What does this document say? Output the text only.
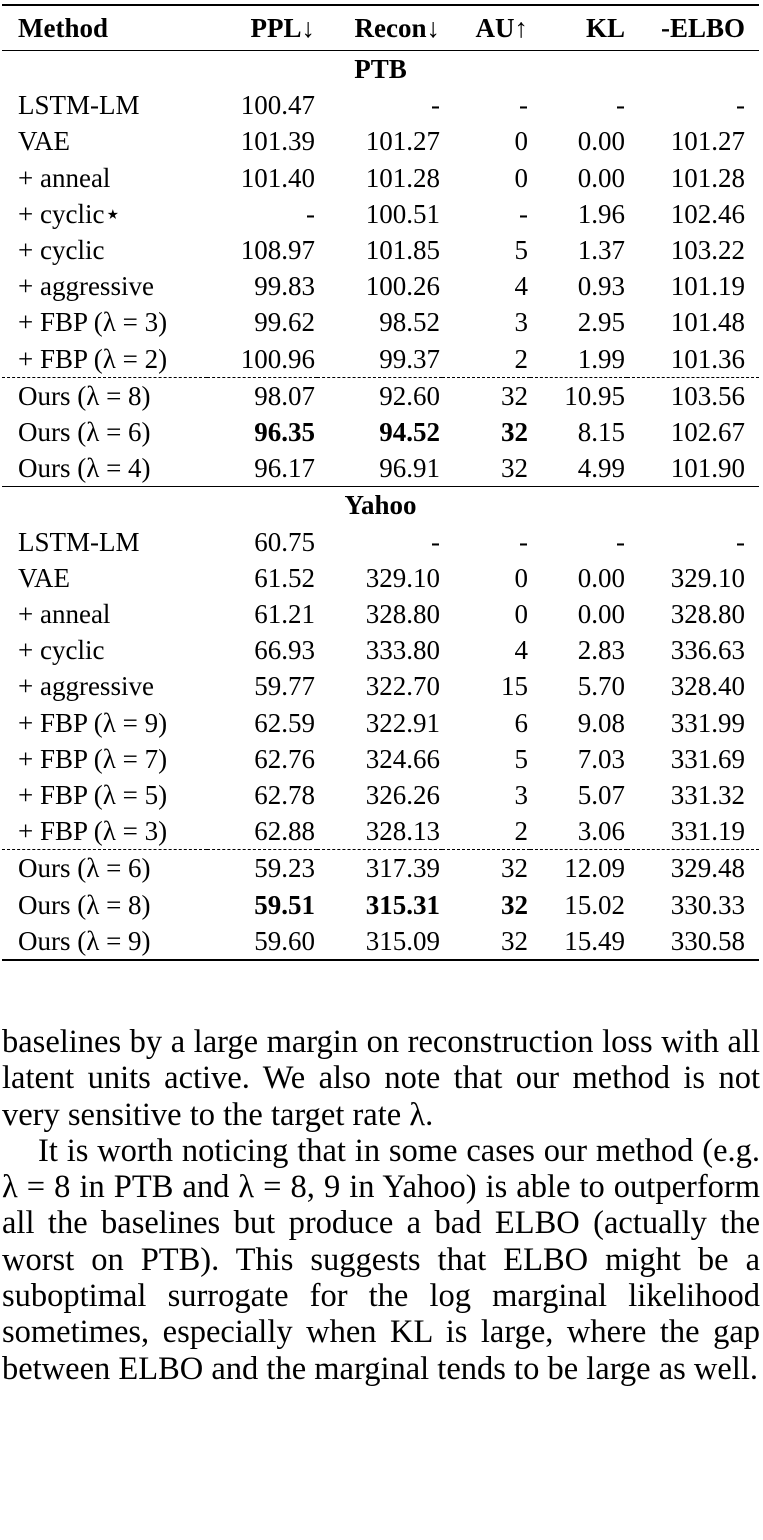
Method	PPL↓	Recon↓	AU↑	KL	-ELBO
PTB					
LSTM-LM	100.47	-	-	-	-
VAE	101.39	101.27	0	0.00	101.27
+ anneal	101.40	101.28	0	0.00	101.28
+ cyclic⋆	-	100.51	-	1.96	102.46
+ cyclic	108.97	101.85	5	1.37	103.22
+ aggressive	99.83	100.26	4	0.93	101.19
+ FBP (λ = 3)	99.62	98.52	3	2.95	101.48
+ FBP (λ = 2)	100.96	99.37	2	1.99	101.36
Ours (λ = 8)	98.07	92.60	32	10.95	103.56
Ours (λ = 6)	96.35	94.52	32	8.15	102.67
Ours (λ = 4)	96.17	96.91	32	4.99	101.90
Yahoo					
LSTM-LM	60.75	-	-	-	-
VAE	61.52	329.10	0	0.00	329.10
+ anneal	61.21	328.80	0	0.00	328.80
+ cyclic	66.93	333.80	4	2.83	336.63
+ aggressive	59.77	322.70	15	5.70	328.40
+ FBP (λ = 9)	62.59	322.91	6	9.08	331.99
+ FBP (λ = 7)	62.76	324.66	5	7.03	331.69
+ FBP (λ = 5)	62.78	326.26	3	5.07	331.32
+ FBP (λ = 3)	62.88	328.13	2	3.06	331.19
Ours (λ = 6)	59.23	317.39	32	12.09	329.48
Ours (λ = 8)	59.51	315.31	32	15.02	330.33
Ours (λ = 9)	59.60	315.09	32	15.49	330.58

baselines by a large margin on reconstruction loss with all latent units active. We also note that our method is not very sensitive to the target rate λ.

It is worth noticing that in some cases our method (e.g. λ = 8 in PTB and λ = 8, 9 in Yahoo) is able to outperform all the baselines but produce a bad ELBO (actually the worst on PTB). This suggests that ELBO might be a suboptimal surrogate for the log marginal likelihood sometimes, especially when KL is large, where the gap between ELBO and the marginal tends to be large as well.
